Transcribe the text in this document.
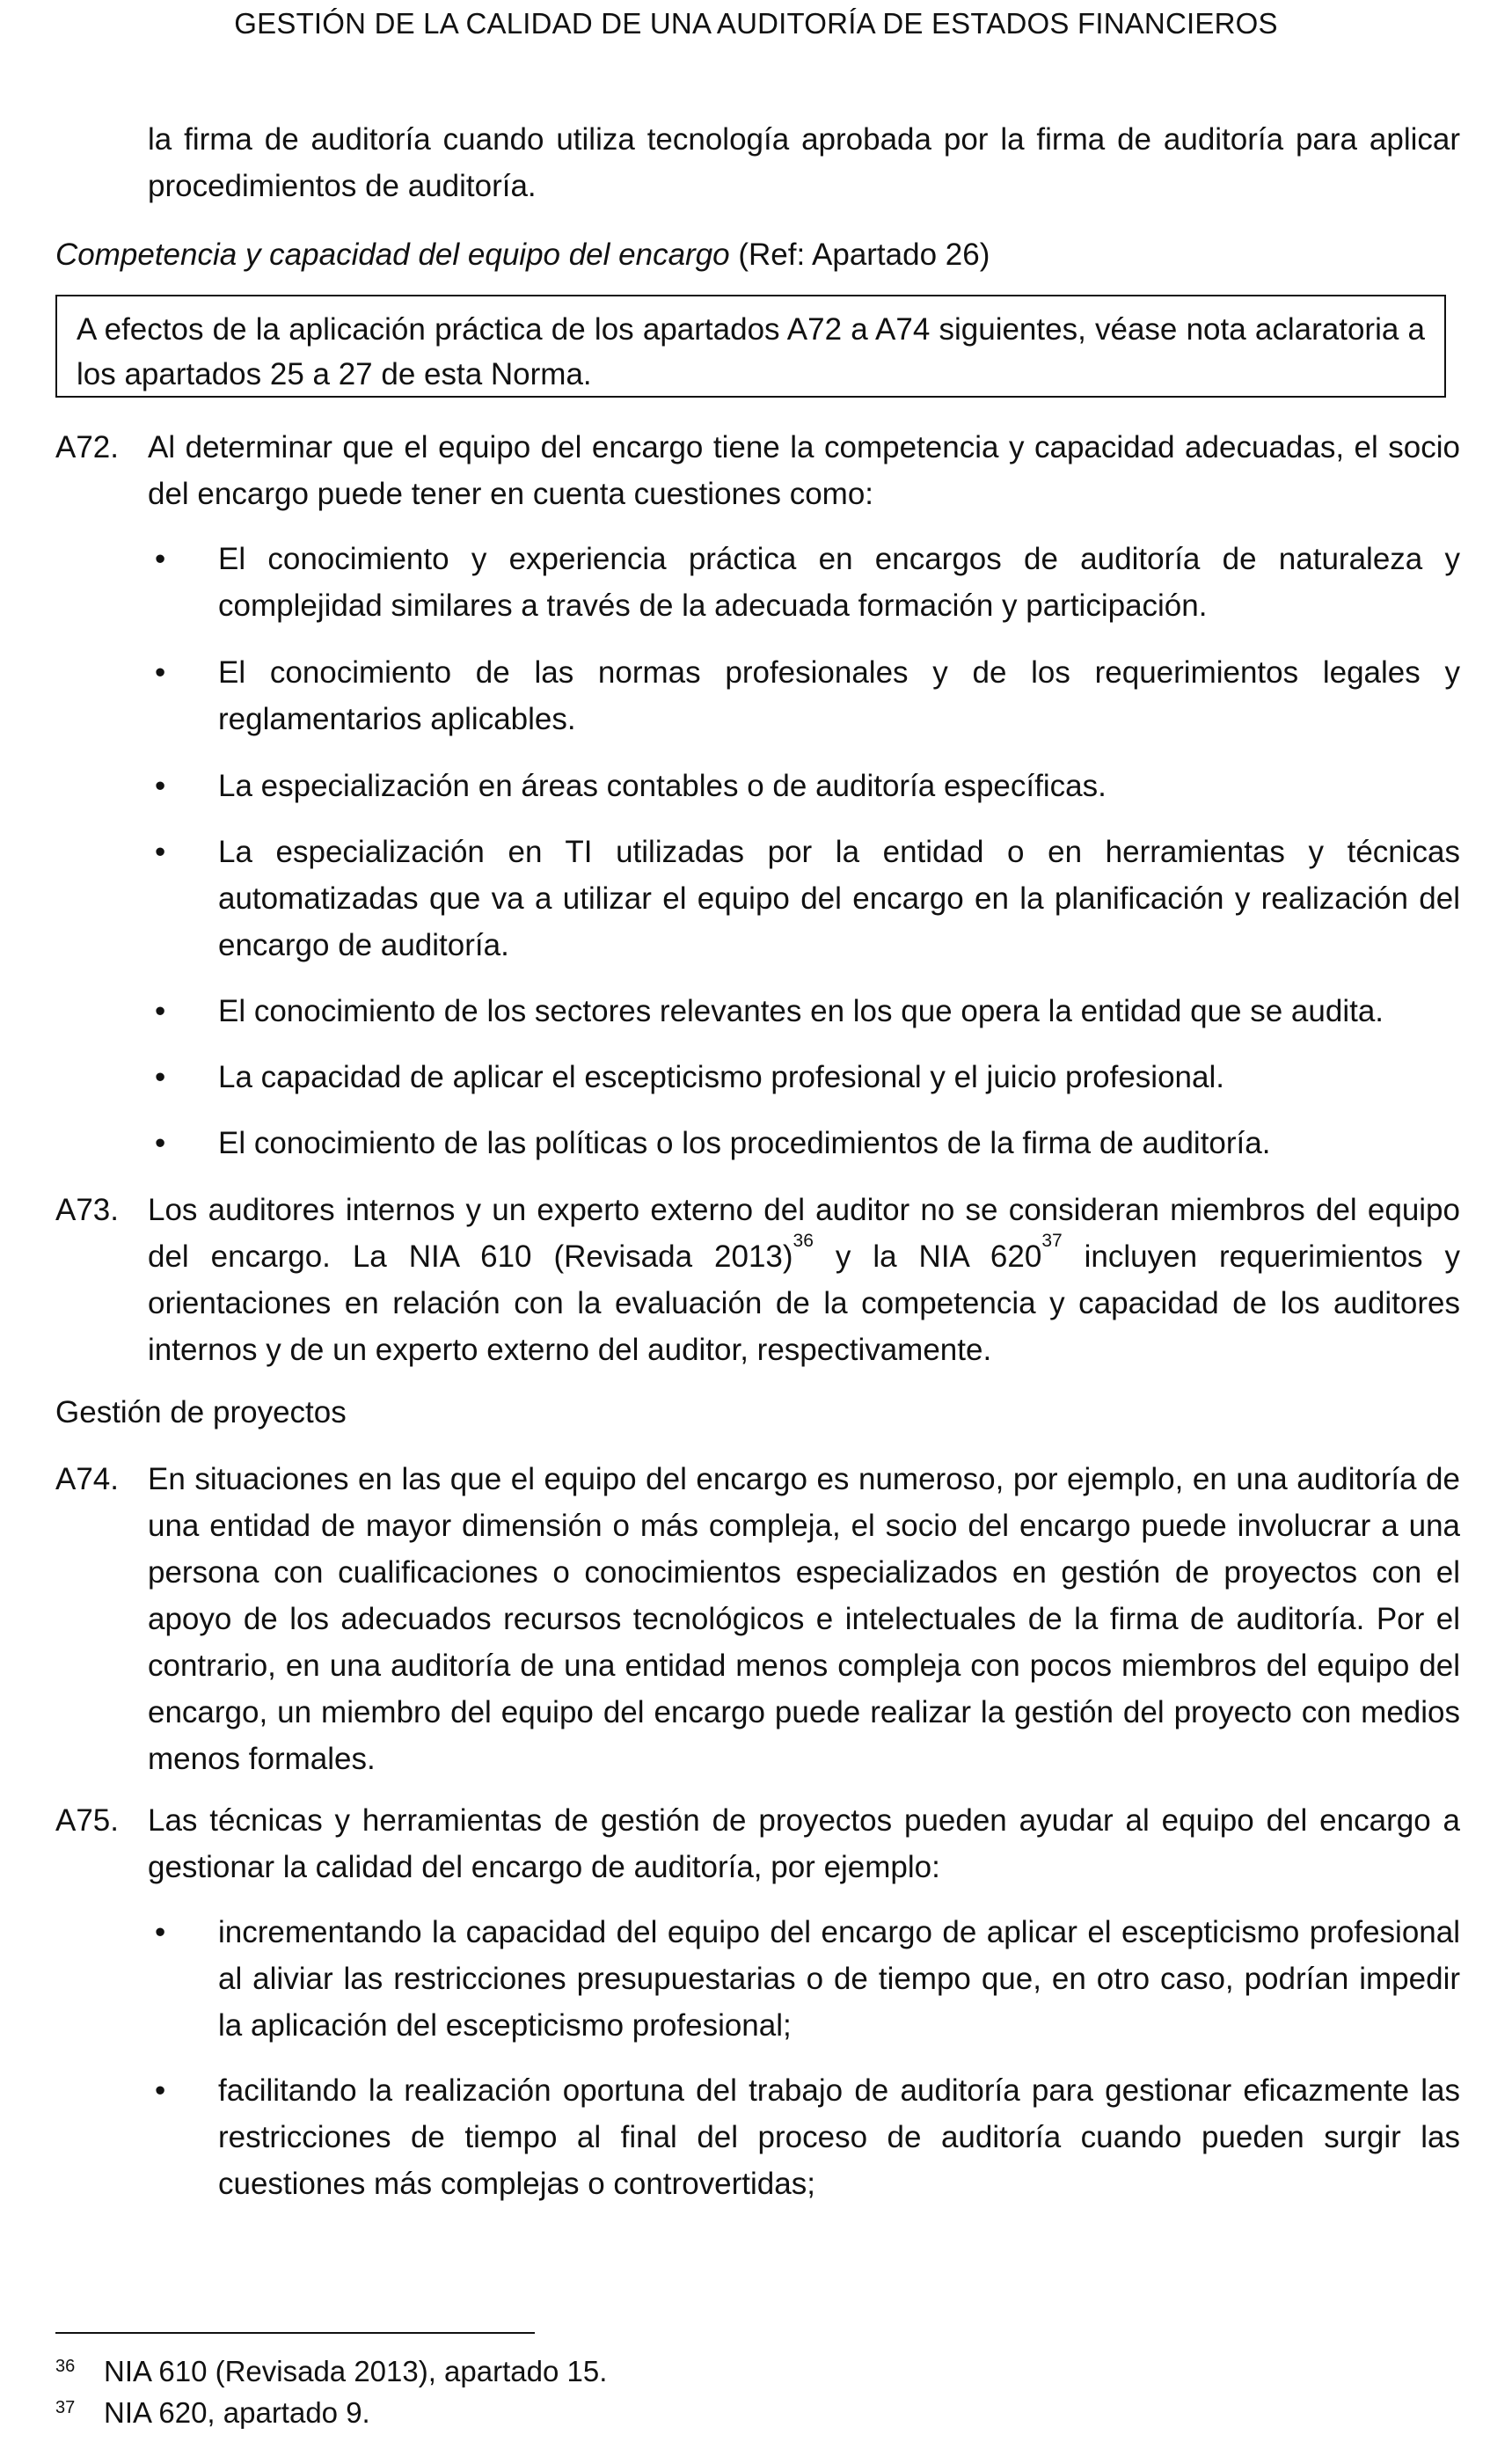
GESTIÓN DE LA CALIDAD DE UNA AUDITORÍA DE ESTADOS FINANCIEROS
la firma de auditoría cuando utiliza tecnología aprobada por la firma de auditoría para aplicar procedimientos de auditoría.
Competencia y capacidad del equipo del encargo (Ref: Apartado 26)
A efectos de la aplicación práctica de los apartados A72 a A74 siguientes, véase nota aclaratoria a los apartados 25 a 27 de esta Norma.
A72. Al determinar que el equipo del encargo tiene la competencia y capacidad adecuadas, el socio del encargo puede tener en cuenta cuestiones como:
• El conocimiento y experiencia práctica en encargos de auditoría de naturaleza y complejidad similares a través de la adecuada formación y participación.
• El conocimiento de las normas profesionales y de los requerimientos legales y reglamentarios aplicables.
• La especialización en áreas contables o de auditoría específicas.
• La especialización en TI utilizadas por la entidad o en herramientas y técnicas automatizadas que va a utilizar el equipo del encargo en la planificación y realización del encargo de auditoría.
• El conocimiento de los sectores relevantes en los que opera la entidad que se audita.
• La capacidad de aplicar el escepticismo profesional y el juicio profesional.
• El conocimiento de las políticas o los procedimientos de la firma de auditoría.
A73. Los auditores internos y un experto externo del auditor no se consideran miembros del equipo del encargo. La NIA 610 (Revisada 2013)$^{36}$ y la NIA 620$^{37}$ incluyen requerimientos y orientaciones en relación con la evaluación de la competencia y capacidad de los auditores internos y de un experto externo del auditor, respectivamente.
Gestión de proyectos
A74. En situaciones en las que el equipo del encargo es numeroso, por ejemplo, en una auditoría de una entidad de mayor dimensión o más compleja, el socio del encargo puede involucrar a una persona con cualificaciones o conocimientos especializados en gestión de proyectos con el apoyo de los adecuados recursos tecnológicos e intelectuales de la firma de auditoría. Por el contrario, en una auditoría de una entidad menos compleja con pocos miembros del equipo del encargo, un miembro del equipo del encargo puede realizar la gestión del proyecto con medios menos formales.
A75. Las técnicas y herramientas de gestión de proyectos pueden ayudar al equipo del encargo a gestionar la calidad del encargo de auditoría, por ejemplo:
• incrementando la capacidad del equipo del encargo de aplicar el escepticismo profesional al aliviar las restricciones presupuestarias o de tiempo que, en otro caso, podrían impedir la aplicación del escepticismo profesional;
• facilitando la realización oportuna del trabajo de auditoría para gestionar eficazmente las restricciones de tiempo al final del proceso de auditoría cuando pueden surgir las cuestiones más complejas o controvertidas;
$^{36}$ NIA 610 (Revisada 2013), apartado 15.
$^{37}$ NIA 620, apartado 9.
